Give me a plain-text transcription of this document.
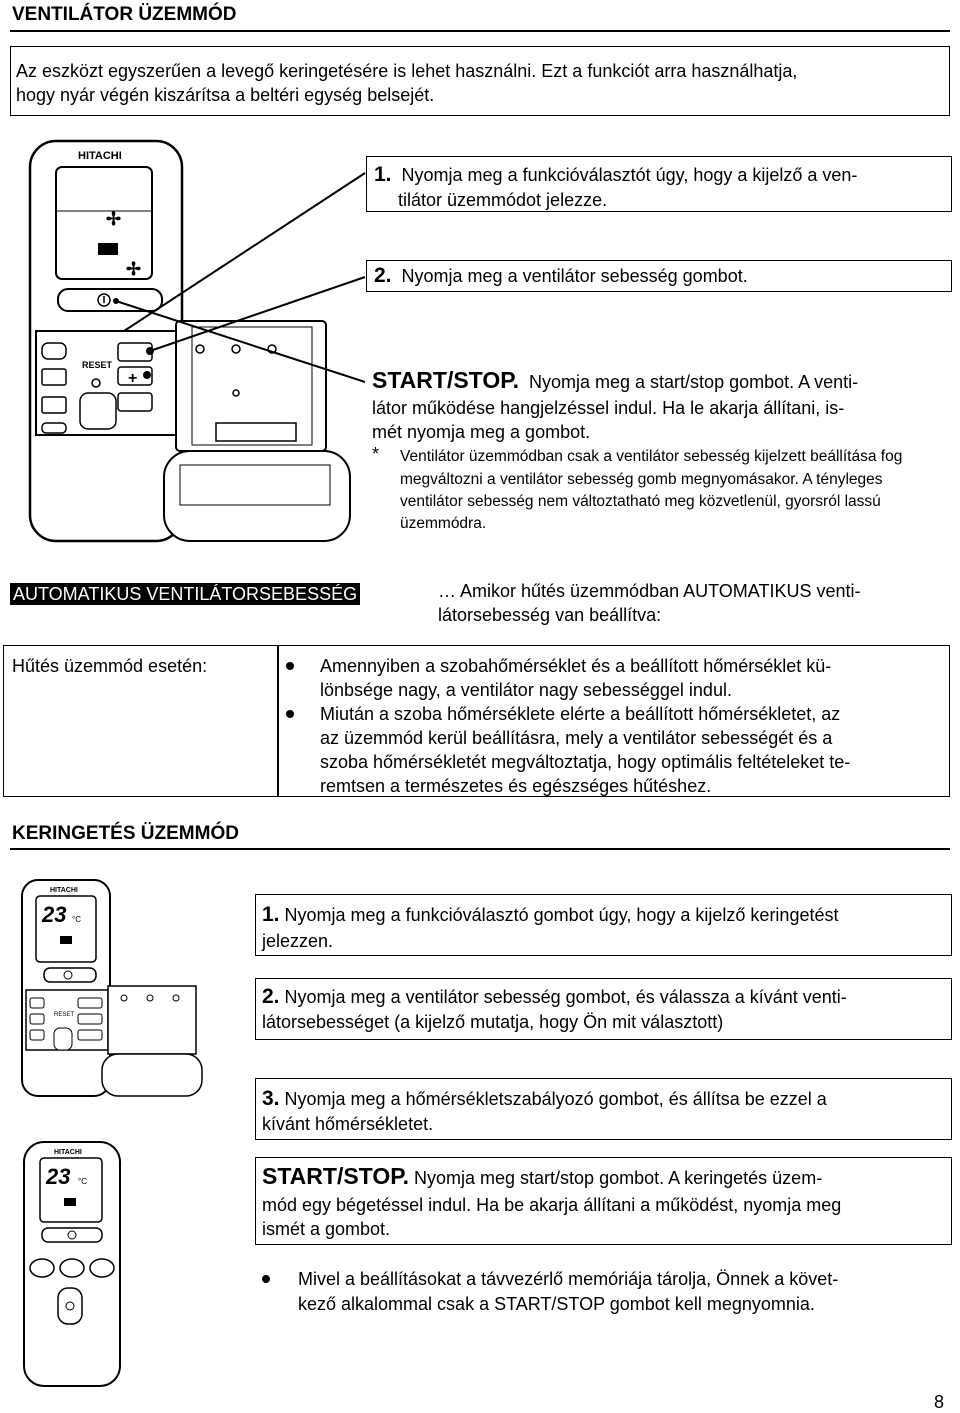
VENTILÁTOR ÜZEMMÓD
Az eszközt egyszerűen a levegő keringetésére is lehet használni. Ezt a funkciót arra használhatja,
hogy nyár végén kiszárítsa a beltéri egység belsejét.
HITACHI
✢
✢
RESET
+
1. Nyomja meg a funkcióválasztót úgy, hogy a kijelző a ven-
tilátor üzemmódot jelezze.
2. Nyomja meg a ventilátor sebesség gombot.
START/STOP. Nyomja meg a start/stop gombot. A venti-
látor működése hangjelzéssel indul. Ha le akarja állítani, is-
mét nyomja meg a gombot.
* Ventilátor üzemmódban csak a ventilátor sebesség kijelzett beállítása fog
megváltozni a ventilátor sebesség gomb megnyomásakor. A tényleges
ventilátor sebesség nem változtatható meg közvetlenül, gyorsról lassú
üzemmódra.
AUTOMATIKUS VENTILÁTORSEBESSÉG	… Amikor hűtés üzemmódban AUTOMATIKUS venti-
látorsebesség van beállítva:
Hűtés üzemmód esetén:	Amennyiben a szobahőmérséklet és a beállított hőmérséklet kü-
lönbsége nagy, a ventilátor nagy sebességgel indul.
Miután a szoba hőmérséklete elérte a beállított hőmérsékletet, az
az üzemmód kerül beállításra, mely a ventilátor sebességét és a
szoba hőmérsékletét megváltoztatja, hogy optimális feltételeket te-
remtsen a természetes és egészséges hűtéshez.
KERINGETÉS ÜZEMMÓD
HITACHI
23 °C
RESET
HITACHI
23 °C
1. Nyomja meg a funkcióválasztó gombot úgy, hogy a kijelző keringetést
jelezzen.
2. Nyomja meg a ventilátor sebesség gombot, és válassza a kívánt venti-
látorsebességet (a kijelző mutatja, hogy Ön mit választott)
3. Nyomja meg a hőmérsékletszabályozó gombot, és állítsa be ezzel a
kívánt hőmérsékletet.
START/STOP. Nyomja meg start/stop gombot. A keringetés üzem-
mód egy bégetéssel indul. Ha be akarja állítani a működést, nyomja meg
ismét a gombot.
Mivel a beállításokat a távvezérlő memóriája tárolja, Önnek a követ-
kező alkalommal csak a START/STOP gombot kell megnyomnia.
8
